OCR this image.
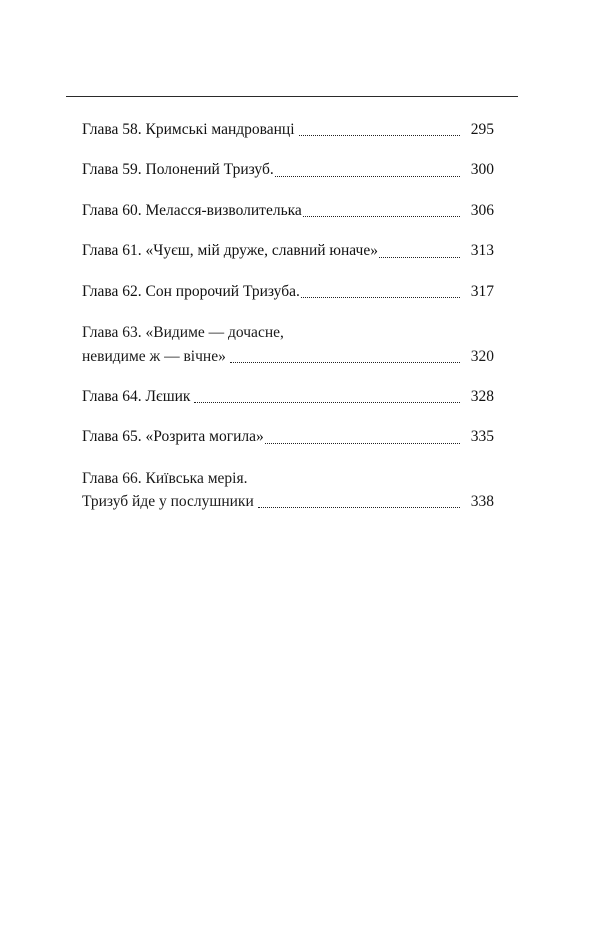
Глава 58. Кримські мандрованці	295
Глава 59. Полонений Тризуб.	300
Глава 60. Меласся-визволителька	306
Глава 61. «Чуєш, мій друже, славний юначе»	313
Глава 62. Сон пророчий Тризуба.	317
Глава 63. «Видиме — дочасне,
невидиме ж — вічне»	320
Глава 64. Лєшик	328
Глава 65. «Розрита могила»	335
Глава 66. Київська мерія.
Тризуб йде у послушники	338
